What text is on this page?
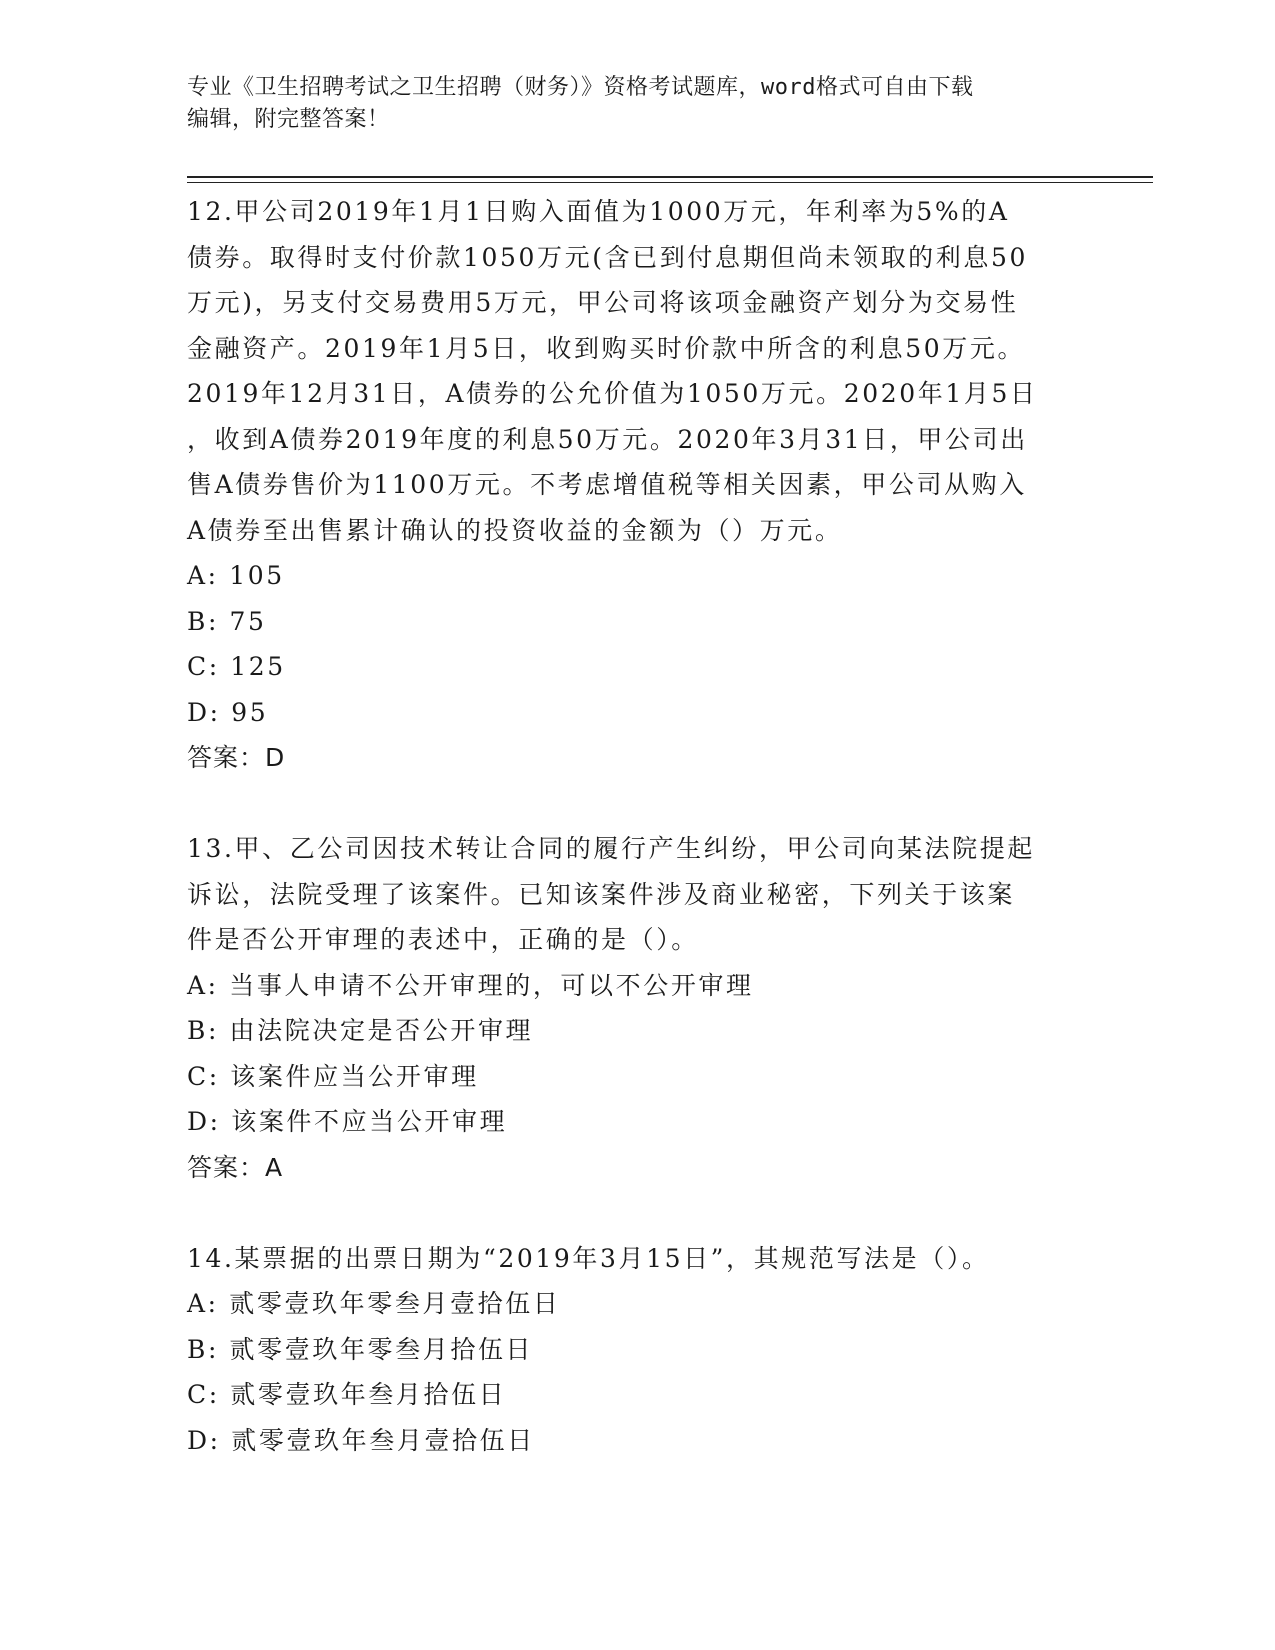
专业《卫生招聘考试之卫生招聘（财务）》资格考试题库，word格式可自由下载
编辑，附完整答案！

12.甲公司2019年1月1日购入面值为1000万元，年利率为5%的A

债券。取得时支付价款1050万元(含已到付息期但尚未领取的利息50

万元)，另支付交易费用5万元，甲公司将该项金融资产划分为交易性

金融资产。2019年1月5日，收到购买时价款中所含的利息50万元。

2019年12月31日，A债券的公允价值为1050万元。2020年1月5日

，收到A债券2019年度的利息50万元。2020年3月31日，甲公司出

售A债券售价为1100万元。不考虑增值税等相关因素，甲公司从购入

A债券至出售累计确认的投资收益的金额为（）万元。

A: 105

B: 75

C: 125

D: 95

答案：D

13.甲、乙公司因技术转让合同的履行产生纠纷，甲公司向某法院提起

诉讼，法院受理了该案件。已知该案件涉及商业秘密，下列关于该案

件是否公开审理的表述中，正确的是（）。

A: 当事人申请不公开审理的，可以不公开审理

B: 由法院决定是否公开审理

C: 该案件应当公开审理

D: 该案件不应当公开审理

答案：A

14.某票据的出票日期为“2019年3月15日”，其规范写法是（）。

A: 贰零壹玖年零叁月壹拾伍日

B: 贰零壹玖年零叁月拾伍日

C: 贰零壹玖年叁月拾伍日

D: 贰零壹玖年叁月壹拾伍日
